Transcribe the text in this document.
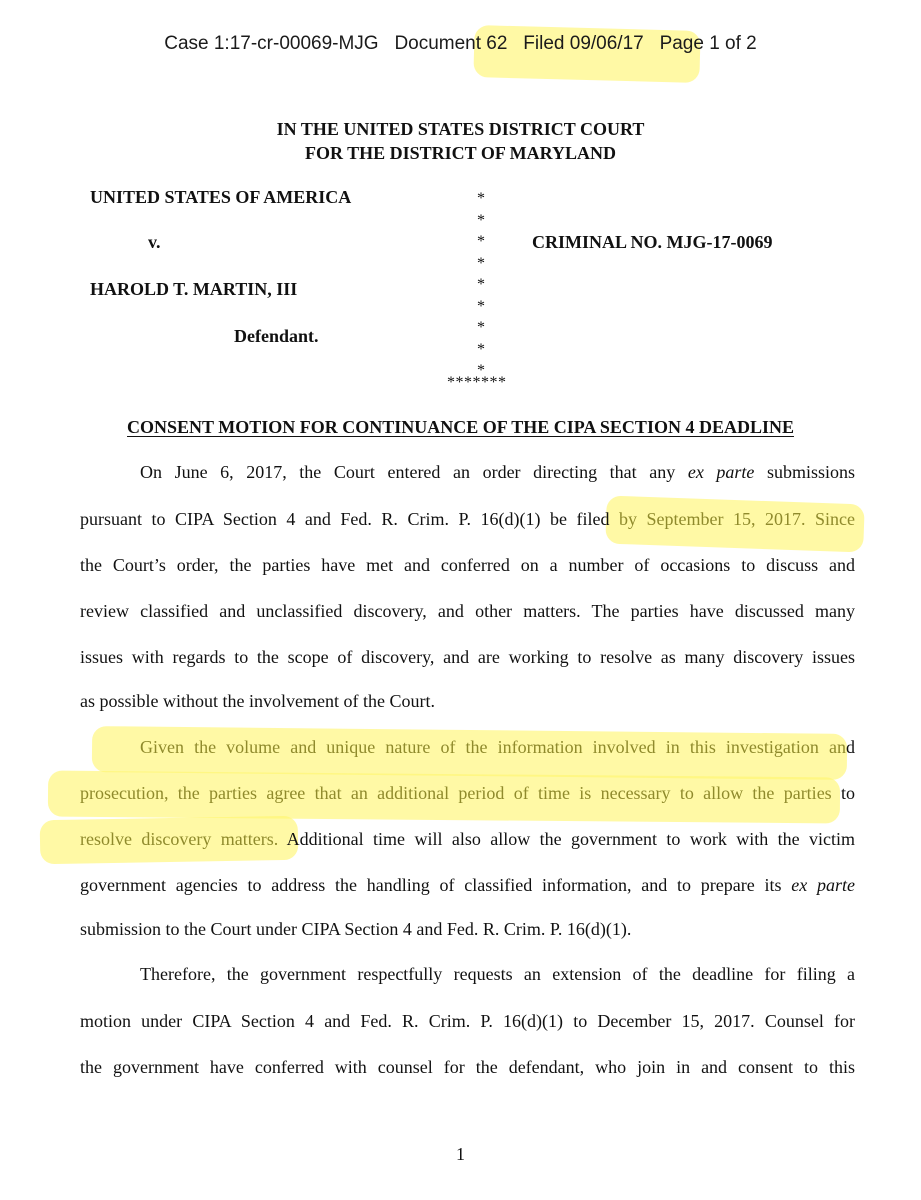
Case 1:17-cr-00069-MJG Document 62 Filed 09/06/17 Page 1 of 2
IN THE UNITED STATES DISTRICT COURT
FOR THE DISTRICT OF MARYLAND
UNITED STATES OF AMERICA
v.
HAROLD T. MARTIN, III
Defendant.
CRIMINAL NO. MJG-17-0069
*
*
*
*
*
*
*
*
*
*******
CONSENT MOTION FOR CONTINUANCE OF THE CIPA SECTION 4 DEADLINE
On June 6, 2017, the Court entered an order directing that any ex parte submissions
pursuant to CIPA Section 4 and Fed. R. Crim. P. 16(d)(1) be filed by September 15, 2017. Since
the Court’s order, the parties have met and conferred on a number of occasions to discuss and
review classified and unclassified discovery, and other matters. The parties have discussed many
issues with regards to the scope of discovery, and are working to resolve as many discovery issues
as possible without the involvement of the Court.
Given the volume and unique nature of the information involved in this investigation and
prosecution, the parties agree that an additional period of time is necessary to allow the parties to
resolve discovery matters. Additional time will also allow the government to work with the victim
government agencies to address the handling of classified information, and to prepare its ex parte
submission to the Court under CIPA Section 4 and Fed. R. Crim. P. 16(d)(1).
Therefore, the government respectfully requests an extension of the deadline for filing a
motion under CIPA Section 4 and Fed. R. Crim. P. 16(d)(1) to December 15, 2017. Counsel for
the government have conferred with counsel for the defendant, who join in and consent to this
1
